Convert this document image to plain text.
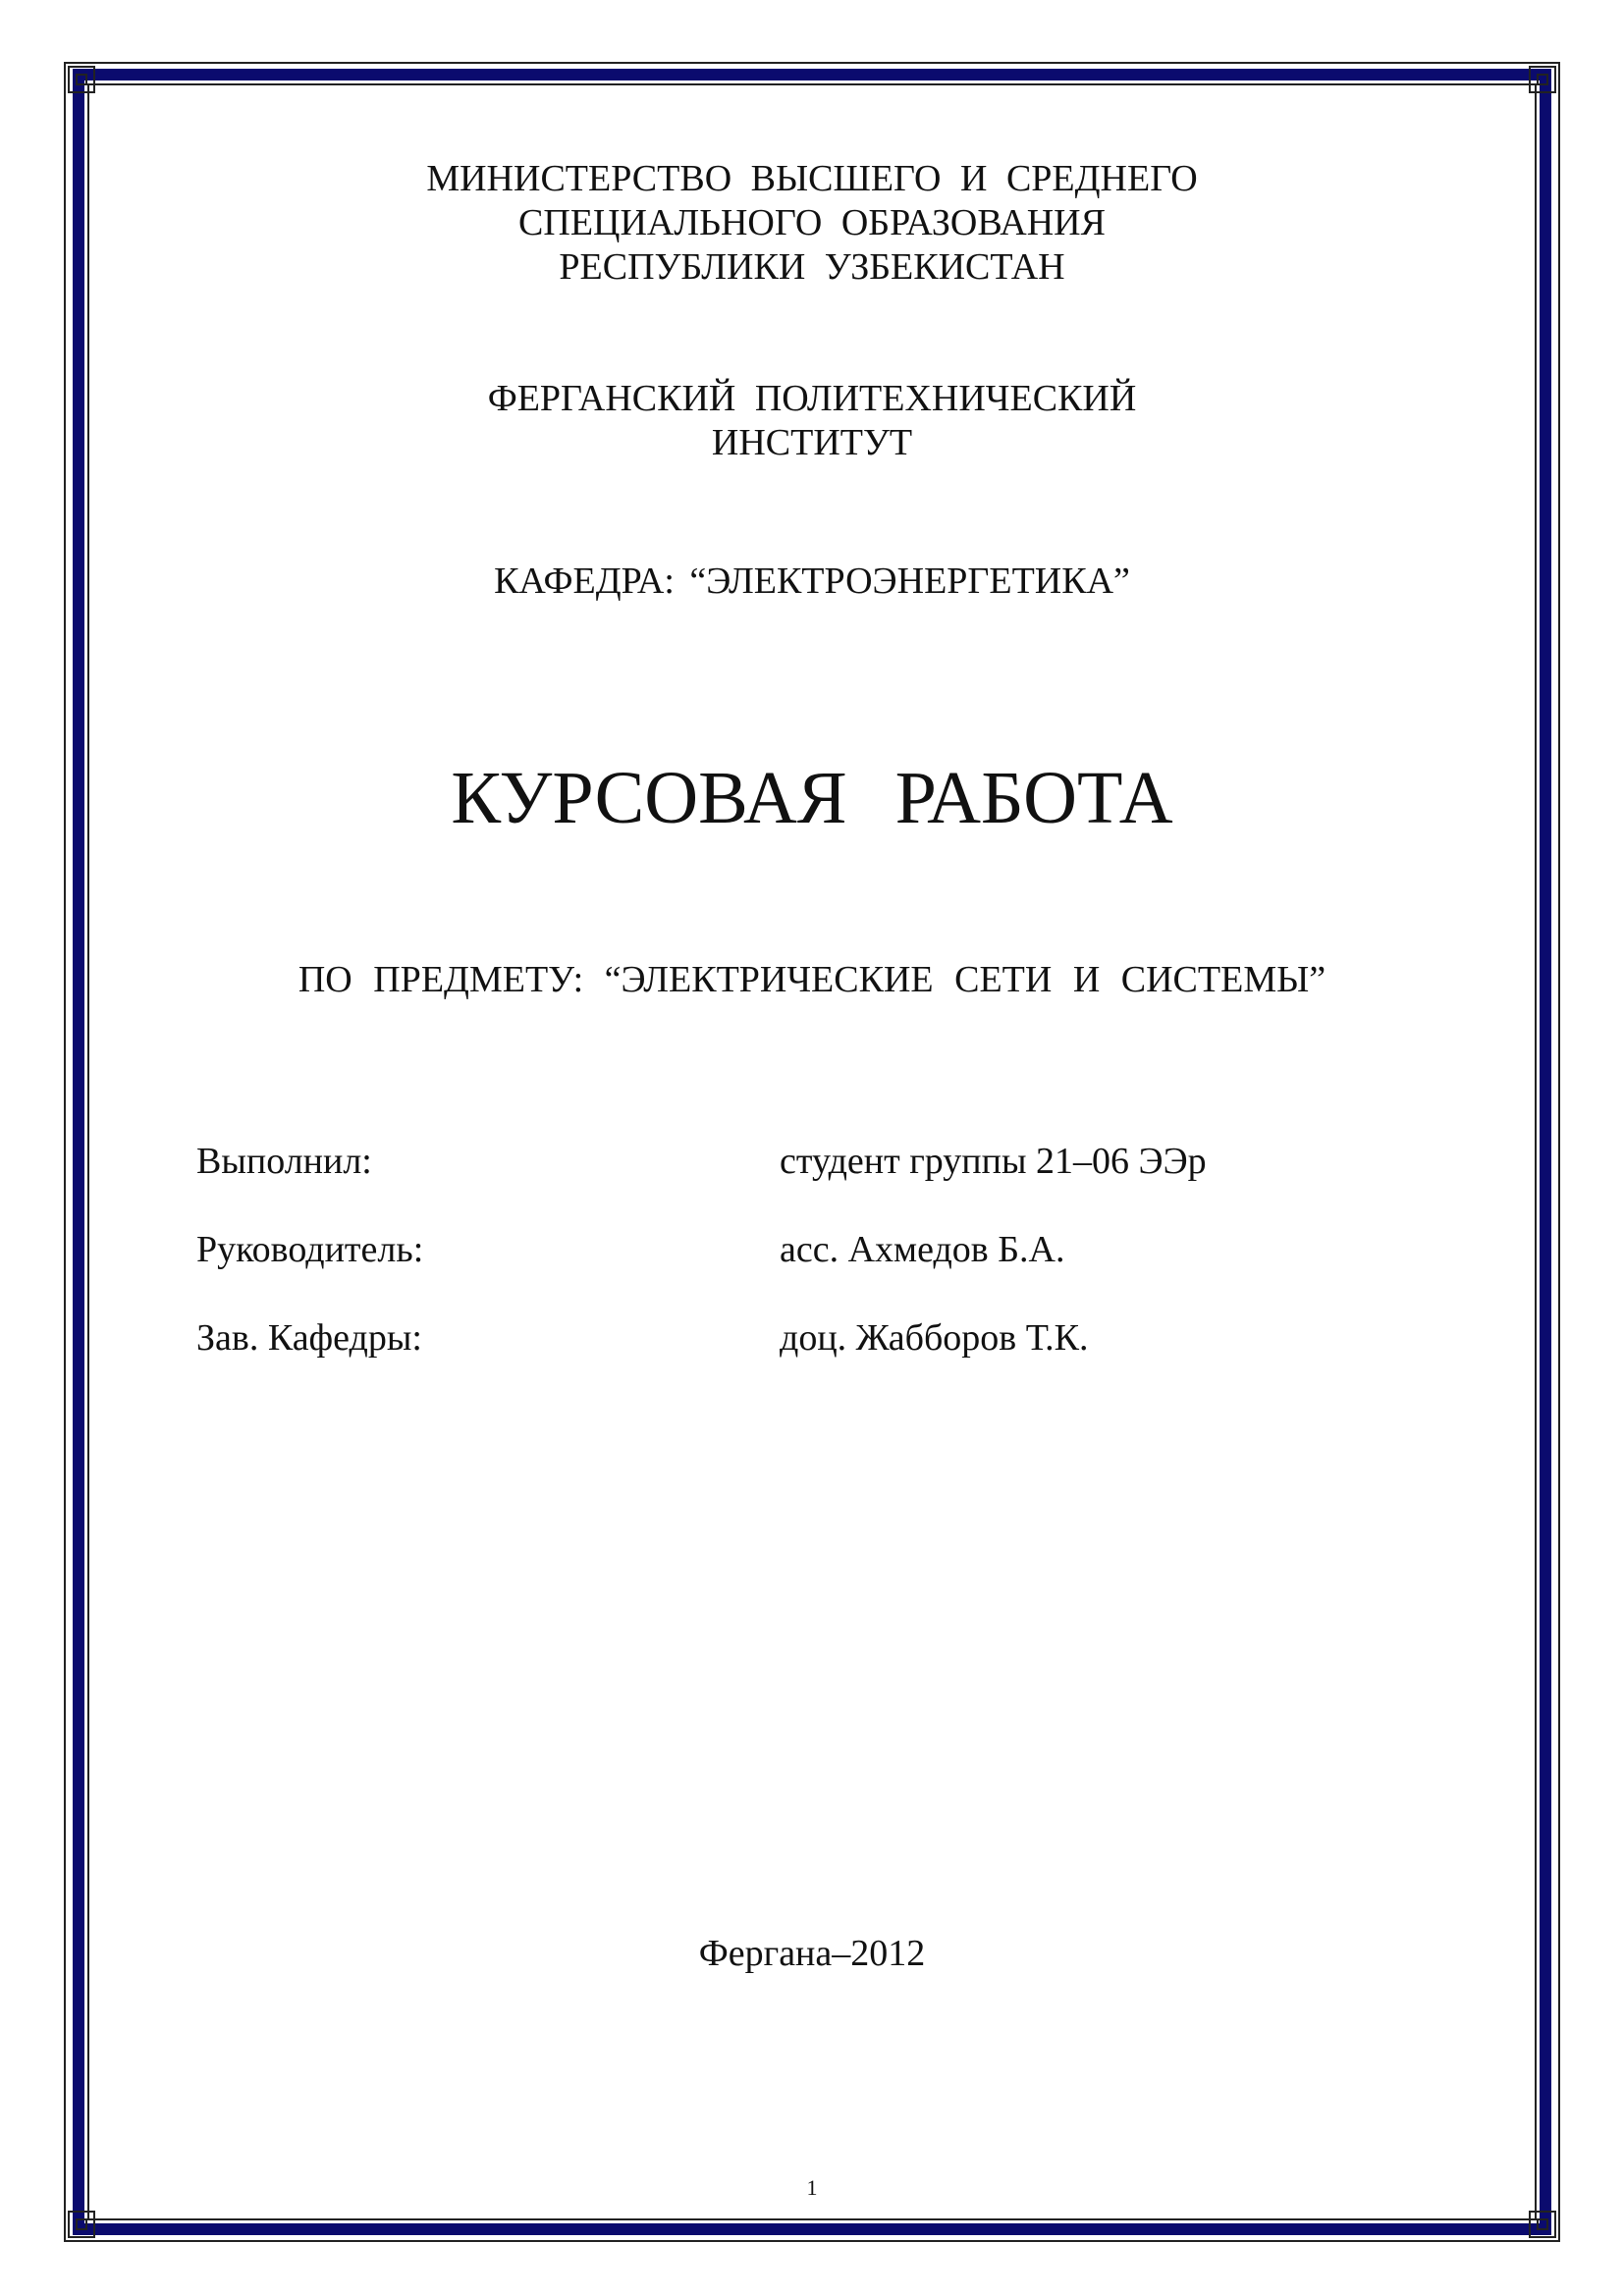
МИНИСТЕРСТВО ВЫСШЕГО И СРЕДНЕГО
СПЕЦИАЛЬНОГО ОБРАЗОВАНИЯ
РЕСПУБЛИКИ УЗБЕКИСТАН
ФЕРГАНСКИЙ ПОЛИТЕХНИЧЕСКИЙ
ИНСТИТУТ
КАФЕДРА: “ЭЛЕКТРОЭНЕРГЕТИКА”
КУРСОВАЯ РАБОТА
ПО ПРЕДМЕТУ: “ЭЛЕКТРИЧЕСКИЕ СЕТИ И СИСТЕМЫ”
Выполнил:	студент группы 21–06 ЭЭр
Руководитель:	асс. Ахмедов Б.А.
Зав. Кафедры:	доц. Жабборов Т.К.
Фергана–2012
1
